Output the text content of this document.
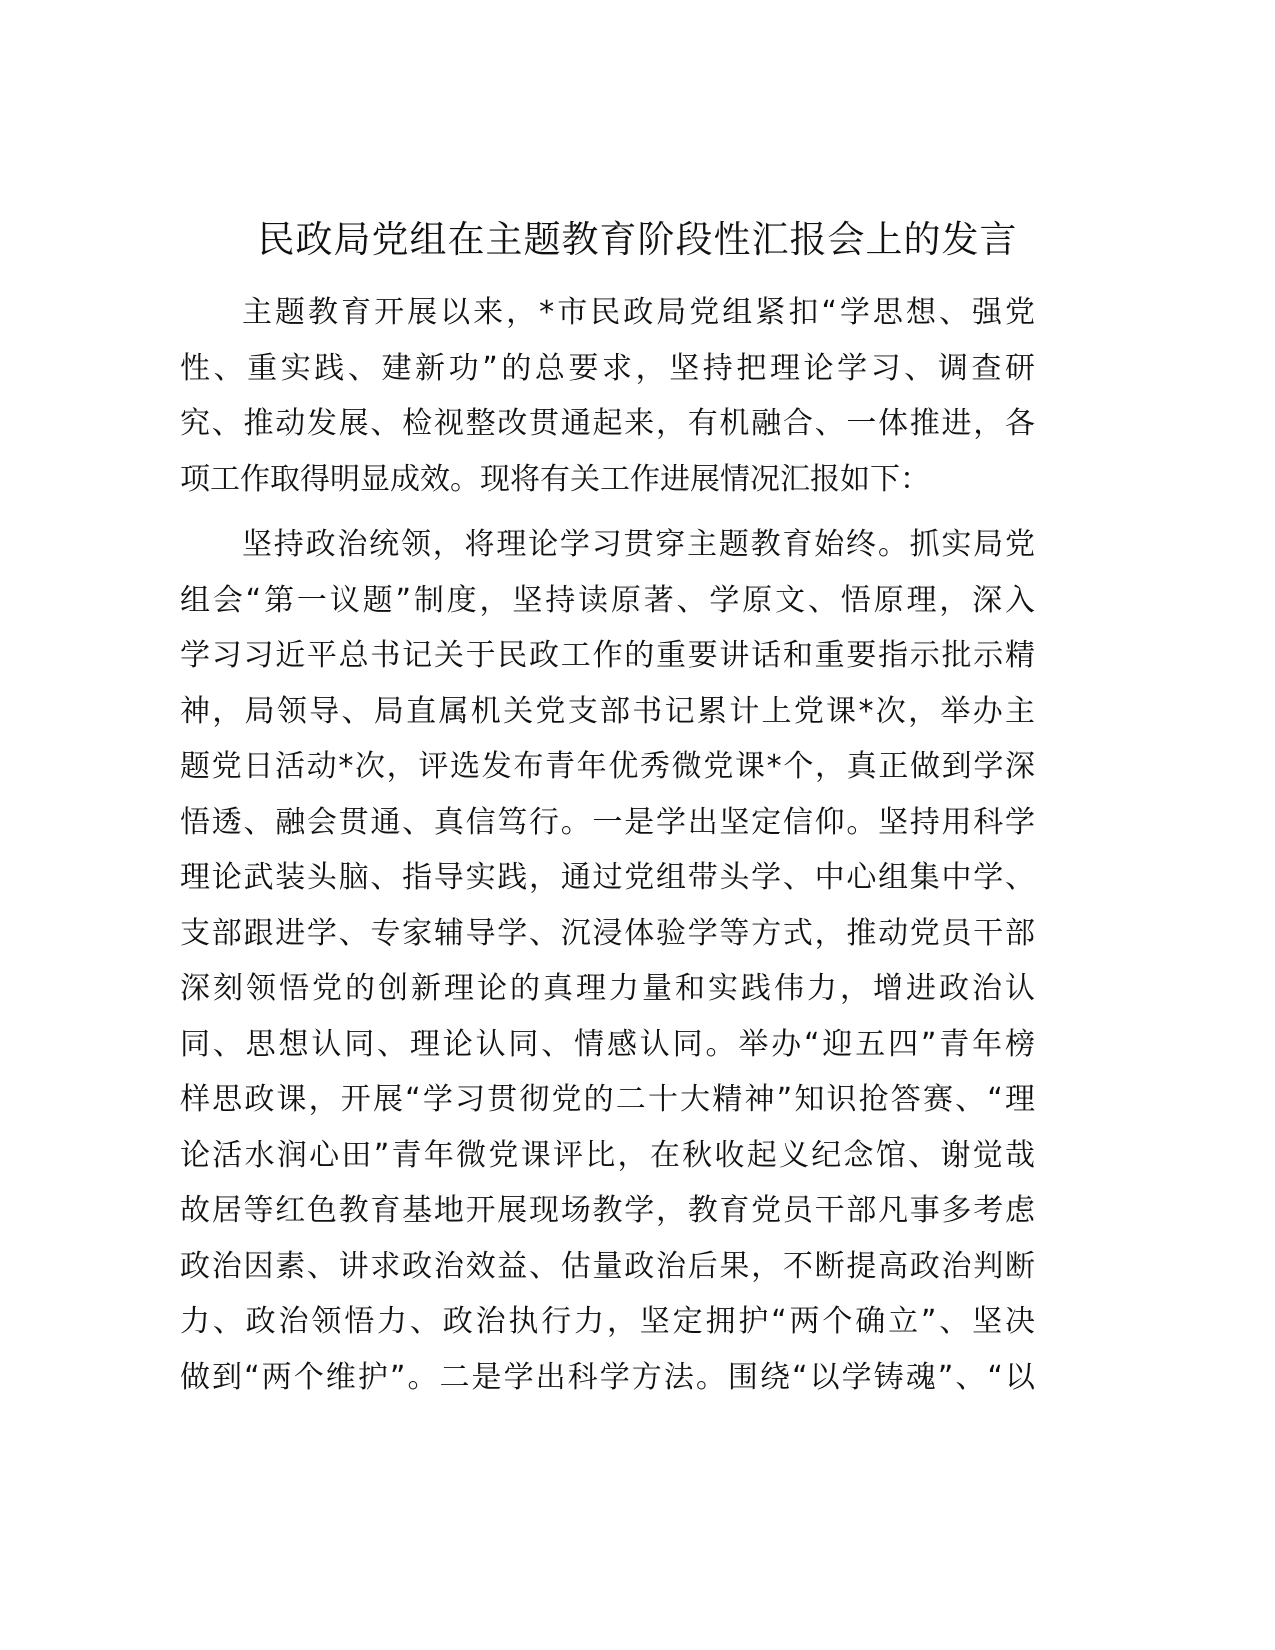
民政局党组在主题教育阶段性汇报会上的发言
主题教育开展以来，*市民政局党组紧扣“学思想、强党
性、重实践、建新功”的总要求，坚持把理论学习、调查研
究、推动发展、检视整改贯通起来，有机融合、一体推进，各
项工作取得明显成效。现将有关工作进展情况汇报如下：
坚持政治统领，将理论学习贯穿主题教育始终。抓实局党
组会“第一议题”制度，坚持读原著、学原文、悟原理，深入
学习习近平总书记关于民政工作的重要讲话和重要指示批示精
神，局领导、局直属机关党支部书记累计上党课*次，举办主
题党日活动*次，评选发布青年优秀微党课*个，真正做到学深
悟透、融会贯通、真信笃行。一是学出坚定信仰。坚持用科学
理论武装头脑、指导实践，通过党组带头学、中心组集中学、
支部跟进学、专家辅导学、沉浸体验学等方式，推动党员干部
深刻领悟党的创新理论的真理力量和实践伟力，增进政治认
同、思想认同、理论认同、情感认同。举办“迎五四”青年榜
样思政课，开展“学习贯彻党的二十大精神”知识抢答赛、“理
论活水润心田”青年微党课评比，在秋收起义纪念馆、谢觉哉
故居等红色教育基地开展现场教学，教育党员干部凡事多考虑
政治因素、讲求政治效益、估量政治后果，不断提高政治判断
力、政治领悟力、政治执行力，坚定拥护“两个确立”、坚决
做到“两个维护”。二是学出科学方法。围绕“以学铸魂”、“以
